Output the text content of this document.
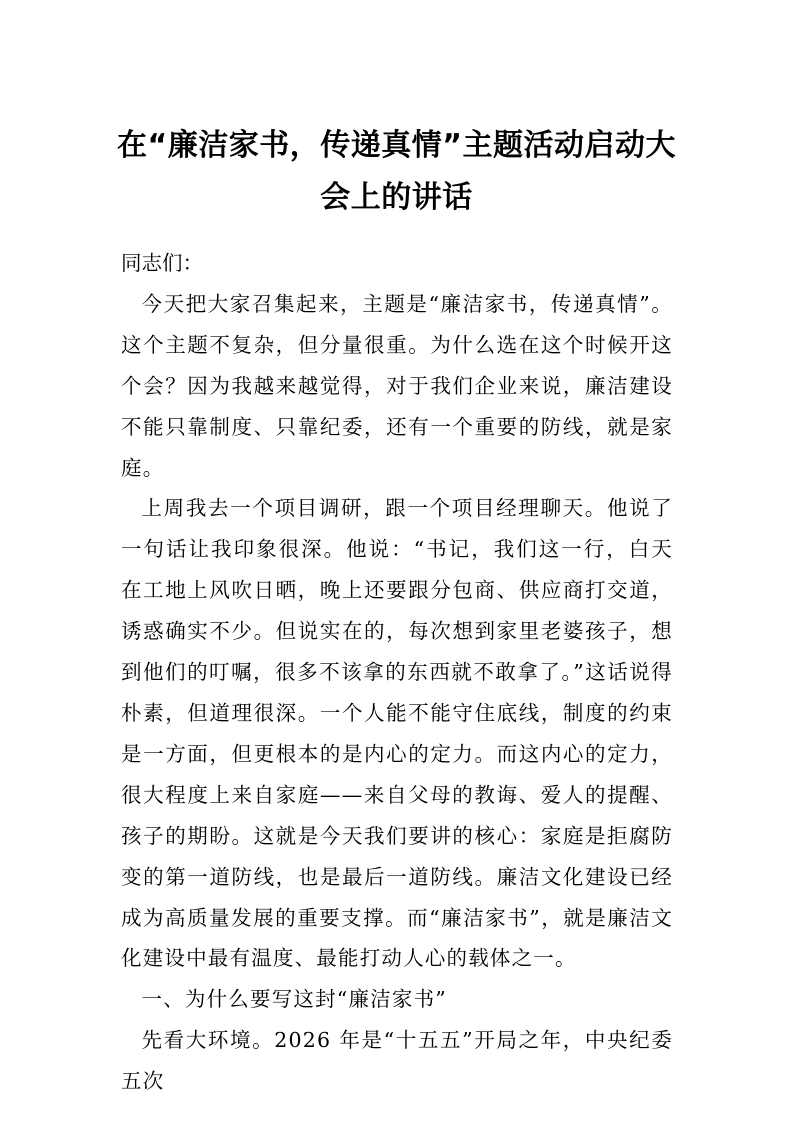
在“廉洁家书，传递真情”主题活动启动大会上的讲话

同志们：

今天把大家召集起来，主题是“廉洁家书，传递真情”。这个主题不复杂，但分量很重。为什么选在这个时候开这个会？因为我越来越觉得，对于我们企业来说，廉洁建设不能只靠制度、只靠纪委，还有一个重要的防线，就是家庭。

上周我去一个项目调研，跟一个项目经理聊天。他说了一句话让我印象很深。他说：“书记，我们这一行，白天在工地上风吹日晒，晚上还要跟分包商、供应商打交道，诱惑确实不少。但说实在的，每次想到家里老婆孩子，想到他们的叮嘱，很多不该拿的东西就不敢拿了。”这话说得朴素，但道理很深。一个人能不能守住底线，制度的约束是一方面，但更根本的是内心的定力。而这内心的定力，很大程度上来自家庭——来自父母的教诲、爱人的提醒、孩子的期盼。这就是今天我们要讲的核心：家庭是拒腐防变的第一道防线，也是最后一道防线。廉洁文化建设已经成为高质量发展的重要支撑。而“廉洁家书”，就是廉洁文化建设中最有温度、最能打动人心的载体之一。

一、为什么要写这封“廉洁家书”

先看大环境。2026 年是“十五五”开局之年，中央纪委五次
